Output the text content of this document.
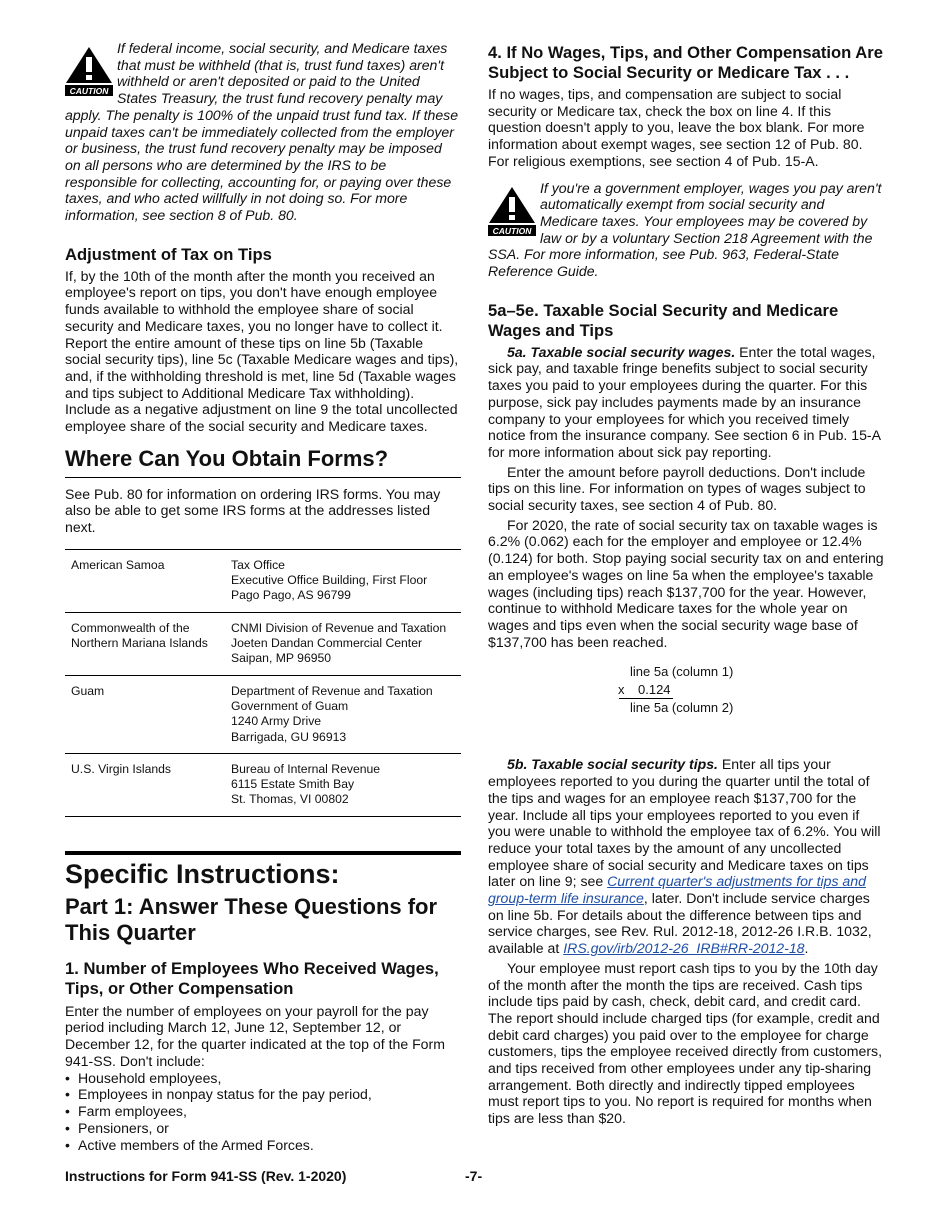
CAUTION

If federal income, social security, and Medicare taxes that must be withheld (that is, trust fund taxes) aren't withheld or aren't deposited or paid to the United States Treasury, the trust fund recovery penalty may apply. The penalty is 100% of the unpaid trust fund tax. If these unpaid taxes can't be immediately collected from the employer or business, the trust fund recovery penalty may be imposed on all persons who are determined by the IRS to be responsible for collecting, accounting for, or paying over these taxes, and who acted willfully in not doing so. For more information, see section 8 of Pub. 80.

Adjustment of Tax on Tips

If, by the 10th of the month after the month you received an employee's report on tips, you don't have enough employee funds available to withhold the employee share of social security and Medicare taxes, you no longer have to collect it. Report the entire amount of these tips on line 5b (Taxable social security tips), line 5c (Taxable Medicare wages and tips), and, if the withholding threshold is met, line 5d (Taxable wages and tips subject to Additional Medicare Tax withholding). Include as a negative adjustment on line 9 the total uncollected employee share of the social security and Medicare taxes.

Where Can You Obtain Forms?

See Pub. 80 for information on ordering IRS forms. You may also be able to get some IRS forms at the addresses listed next.

American Samoa	Tax Office
Executive Office Building, First Floor
Pago Pago, AS 96799

Commonwealth of the Northern Mariana Islands	CNMI Division of Revenue and Taxation
Joeten Dandan Commercial Center
Saipan, MP 96950

Guam	Department of Revenue and Taxation
Government of Guam
1240 Army Drive
Barrigada, GU 96913

U.S. Virgin Islands	Bureau of Internal Revenue
6115 Estate Smith Bay
St. Thomas, VI 00802
Specific Instructions:
Part 1: Answer These Questions for This Quarter
1. Number of Employees Who Received Wages, Tips, or Other Compensation

Enter the number of employees on your payroll for the pay period including March 12, June 12, September 12, or December 12, for the quarter indicated at the top of the Form 941-SS. Don't include:

• Household employees,
• Employees in nonpay status for the pay period,
• Farm employees,
• Pensioners, or
• Active members of the Armed Forces.
4. If No Wages, Tips, and Other Compensation Are Subject to Social Security or Medicare Tax . . .

If no wages, tips, and compensation are subject to social security or Medicare tax, check the box on line 4. If this question doesn't apply to you, leave the box blank. For more information about exempt wages, see section 12 of Pub. 80. For religious exemptions, see section 4 of Pub. 15-A.

CAUTION

If you're a government employer, wages you pay aren't automatically exempt from social security and Medicare taxes. Your employees may be covered by law or by a voluntary Section 218 Agreement with the SSA. For more information, see Pub. 963, Federal-State Reference Guide.

5a–5e. Taxable Social Security and Medicare Wages and Tips

5a. Taxable social security wages. Enter the total wages, sick pay, and taxable fringe benefits subject to social security taxes you paid to your employees during the quarter. For this purpose, sick pay includes payments made by an insurance company to your employees for which you received timely notice from the insurance company. See section 6 in Pub. 15-A for more information about sick pay reporting.

Enter the amount before payroll deductions. Don't include tips on this line. For information on types of wages subject to social security taxes, see section 4 of Pub. 80.

For 2020, the rate of social security tax on taxable wages is 6.2% (0.062) each for the employer and employee or 12.4% (0.124) for both. Stop paying social security tax on and entering an employee's wages on line 5a when the employee's taxable wages (including tips) reach $137,700 for the year. However, continue to withhold Medicare taxes for the whole year on wages and tips even when the social security wage base of $137,700 has been reached.

line 5a (column 1)
x 0.124
line 5a (column 2)

5b. Taxable social security tips. Enter all tips your employees reported to you during the quarter until the total of the tips and wages for an employee reach $137,700 for the year. Include all tips your employees reported to you even if you were unable to withhold the employee tax of 6.2%. You will reduce your total taxes by the amount of any uncollected employee share of social security and Medicare taxes on tips later on line 9; see Current quarter's adjustments for tips and group-term life insurance, later. Don't include service charges on line 5b. For details about the difference between tips and service charges, see Rev. Rul. 2012-18, 2012-26 I.R.B. 1032, available at IRS.gov/irb/2012-26_IRB#RR-2012-18.

Your employee must report cash tips to you by the 10th day of the month after the month the tips are received. Cash tips include tips paid by cash, check, debit card, and credit card. The report should include charged tips (for example, credit and debit card charges) you paid over to the employee for charge customers, tips the employee received directly from customers, and tips received from other employees under any tip-sharing arrangement. Both directly and indirectly tipped employees must report tips to you. No report is required for months when tips are less than $20.

Instructions for Form 941-SS (Rev. 1-2020)	-7-
